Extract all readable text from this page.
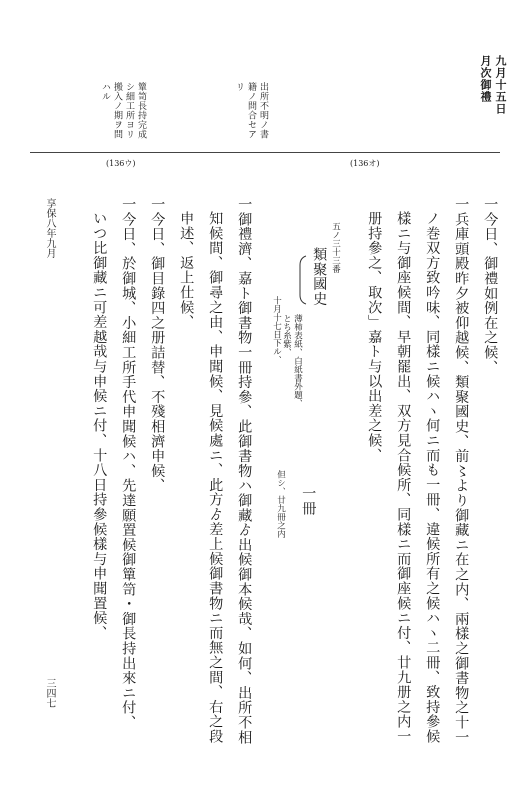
九月十五日
月次御禮
出所不明ノ書
籍ノ問合セア
リ
簞笥長持完成
シ細工所ヨリ
搬入ノ期ヲ問
ハル
(136オ)
(136ウ)
享保八年九月
三四七
一今日、御禮如例在之候、
一兵庫頭殿昨夕被仰越候、類聚國史、前〻より御藏ニ在之内、兩樣之御書物之十一
ノ巻双方致吟味、同樣ニ候ハヽ何ニ而も一冊、違候所有之候ハヽ二冊、致持參候
樣ニ与御座候間、早朝罷出、双方見合候所、同樣ニ而御座候ニ付、廿九册之内一
册持參之、取次」嘉ト与以出差之候、
五ノ三十三番
類聚國史
薄柿表紙、白紙書外題、
とち糸紫、
十月十七日下ル、
一冊
但シ、廿九冊之内
一御禮濟、嘉ト御書物一冊持參、此御書物ハ御藏ゟ出候御本候哉、如何、出所不相
知候間、御尋之由、申聞候、見候處ニ、此方ゟ差上候御書物ニ而無之間、右之段
申述、返上仕候、
一今日、御目錄四之册詰替、不殘相濟申候、
一今日、於御城、小細工所手代申聞候ハ、先達願置候御簞笥・御長持出來ニ付、
いつ比御藏ニ可差越哉与申候ニ付、十八日持參候樣与申聞置候、
